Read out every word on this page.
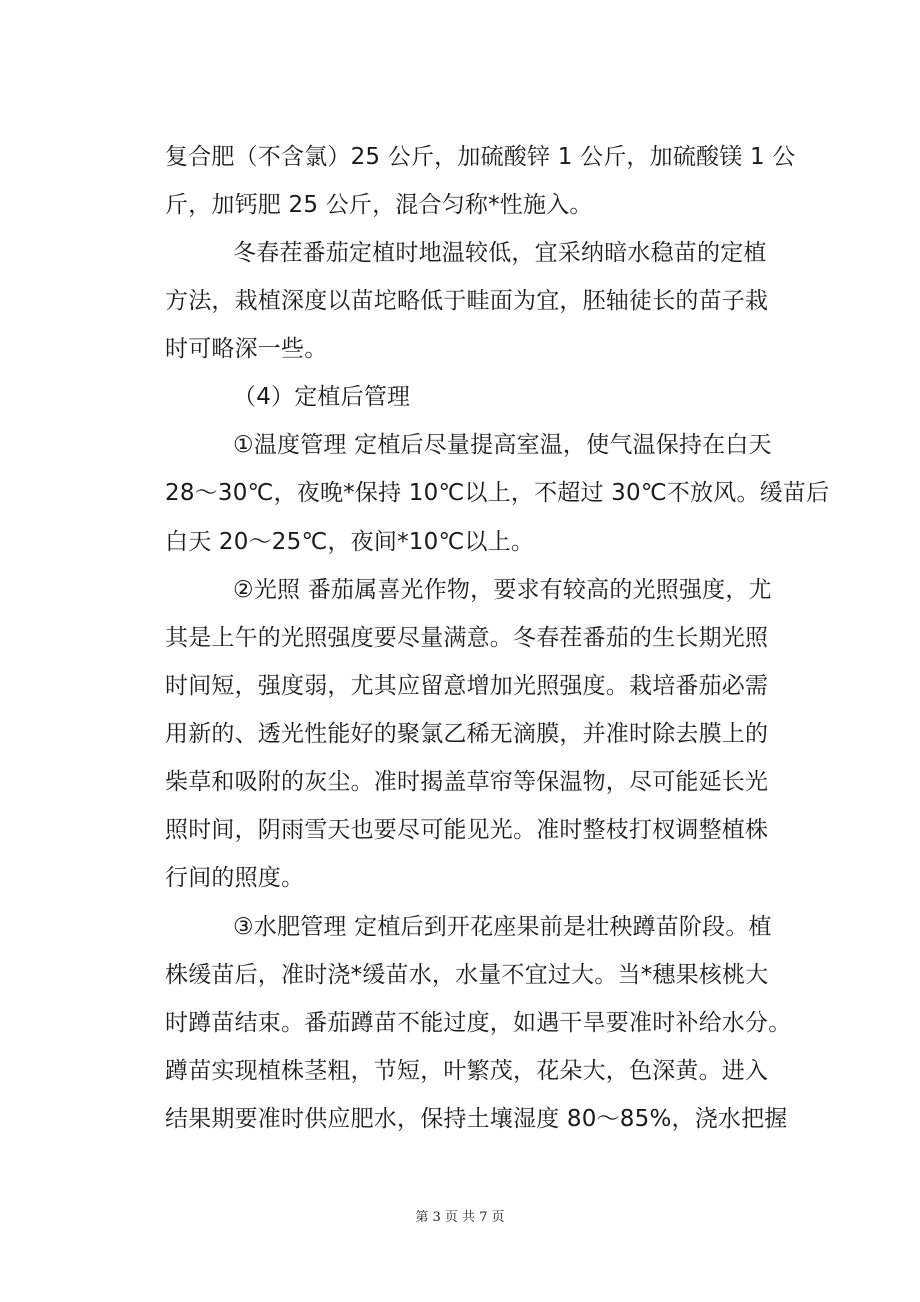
复合肥（不含氯）25 公斤，加硫酸锌 1 公斤，加硫酸镁 1 公
斤，加钙肥 25 公斤，混合匀称*性施入。
冬春茬番茄定植时地温较低，宜采纳暗水稳苗的定植
方法，栽植深度以苗坨略低于畦面为宜，胚轴徒长的苗子栽
时可略深一些。
（4）定植后管理
①温度管理 定植后尽量提高室温，使气温保持在白天
28～30℃，夜晚*保持 10℃以上，不超过 30℃不放风。缓苗后
白天 20～25℃，夜间*10℃以上。
②光照 番茄属喜光作物，要求有较高的光照强度，尤
其是上午的光照强度要尽量满意。冬春茬番茄的生长期光照
时间短，强度弱，尤其应留意增加光照强度。栽培番茄必需
用新的、透光性能好的聚氯乙稀无滴膜，并准时除去膜上的
柴草和吸附的灰尘。准时揭盖草帘等保温物，尽可能延长光
照时间，阴雨雪天也要尽可能见光。准时整枝打杈调整植株
行间的照度。
③水肥管理 定植后到开花座果前是壮秧蹲苗阶段。植
株缓苗后，准时浇*缓苗水，水量不宜过大。当*穗果核桃大
时蹲苗结束。番茄蹲苗不能过度，如遇干旱要准时补给水分。
蹲苗实现植株茎粗，节短，叶繁茂，花朵大，色深黄。进入
结果期要准时供应肥水，保持土壤湿度 80～85%，浇水把握
第 3 页 共 7 页
